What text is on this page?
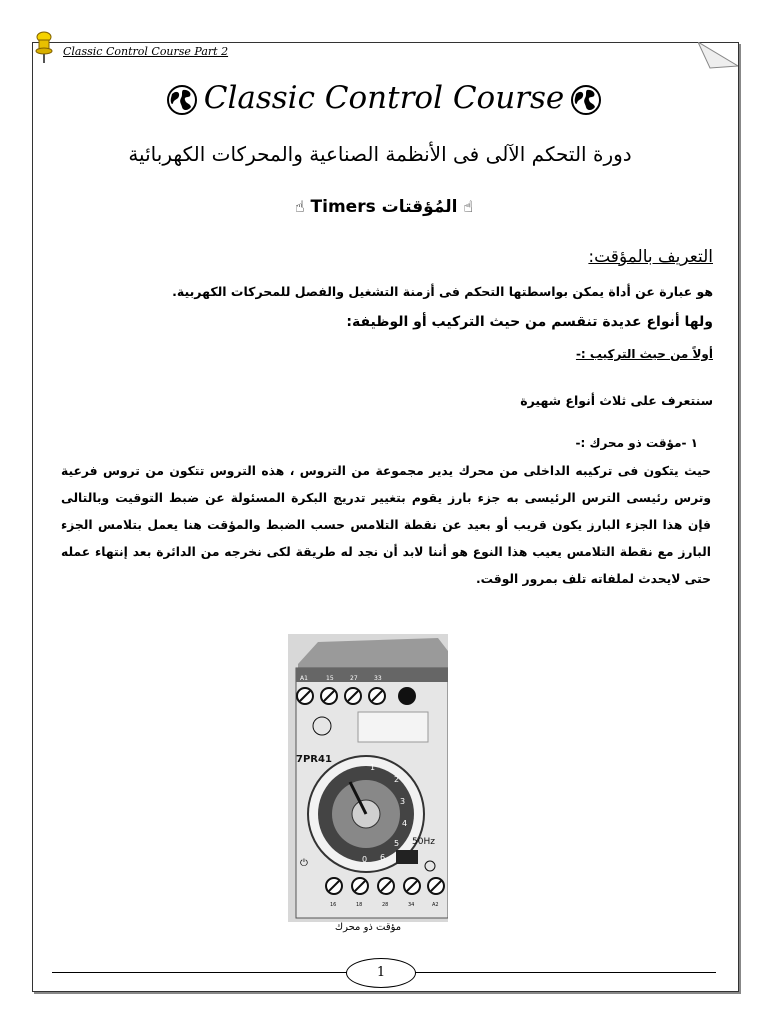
Classic Control Course Part 2
Classic Control Course
دورة التحكم الآلى فى الأنظمة الصناعية والمحركات الكهربائية
☝ Timers المُؤقتات ☝
التعريف بالمؤقت:
هو عبارة عن أداة يمكن بواسطتها التحكم فى أزمنة التشغيل والفصل للمحركات الكهربية.
ولها أنواع عديدة تنقسم من حيث التركيب أو الوظيفة:
أولاً من حيث التركيب :-
سنتعرف على ثلاث أنواع شهيرة
١ -مؤقت ذو محرك :-
حيث يتكون فى تركيبه الداخلى من محرك يدير مجموعة من التروس ، هذه التروس تتكون من تروس فرعية وترس رئيسى الترس الرئيسى به جزء بارز يقوم بتغيير تدريج البكرة المسئولة عن ضبط التوقيت وبالتالى فإن هذا الجزء البارز يكون قريب أو بعيد عن نقطة التلامس حسب الضبط والمؤقت هنا يعمل بتلامس الجزء البارز مع نقطة التلامس يعيب هذا النوع هو أننا لابد أن نجد له طريقة لكى نخرجه من الدائرة بعد إنتهاء عمله حتى لايحدث لملفاته تلف بمرور الوقت.
A1	15	27	33
7PR41
1
2
3
4
5
6
0
50Hz
⏻
16	18	28	34	A2
مؤقت ذو محرك
1
